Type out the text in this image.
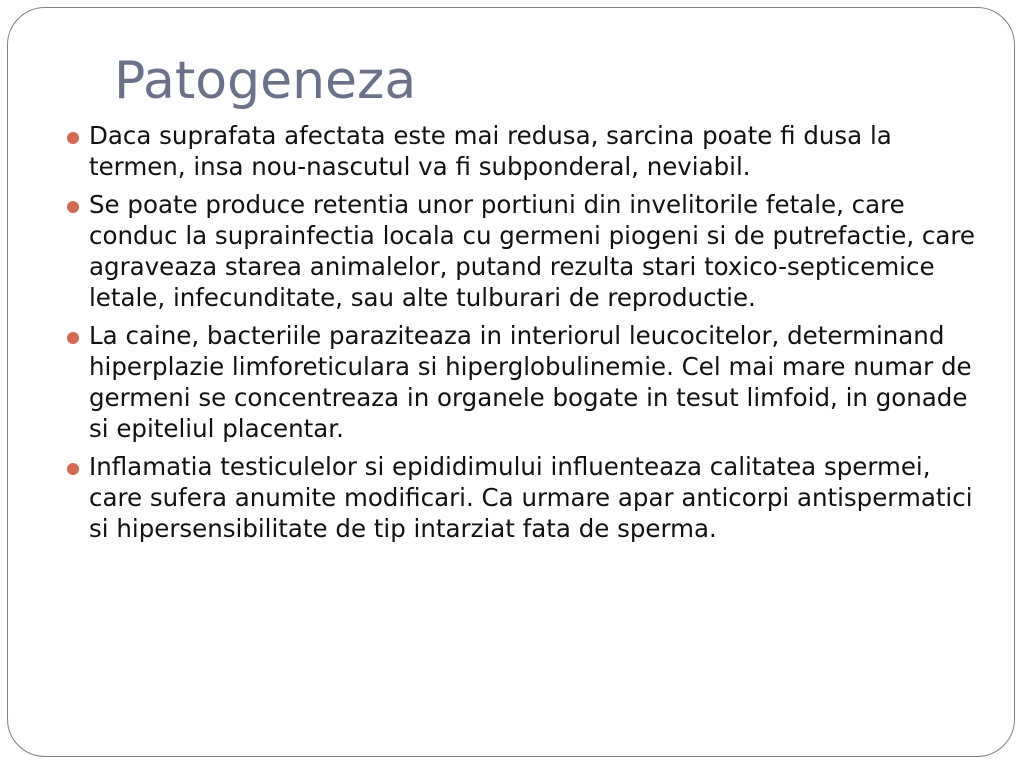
Patogeneza
Daca suprafata afectata este mai redusa, sarcina poate fi dusa la termen, insa nou-nascutul va fi subponderal, neviabil.
Se poate produce retentia unor portiuni din invelitorile fetale, care conduc la suprainfectia locala cu germeni piogeni si de putrefactie, care agraveaza starea animalelor, putand rezulta stari toxico-septicemice letale, infecunditate, sau alte tulburari de reproductie.
La caine, bacteriile paraziteaza in interiorul leucocitelor, determinand hiperplazie limforeticulara si hiperglobulinemie. Cel mai mare numar de germeni se concentreaza in organele bogate in tesut limfoid, in gonade si epiteliul placentar.
Inflamatia testiculelor si epididimului influenteaza calitatea spermei, care sufera anumite modificari. Ca urmare apar anticorpi antispermatici si hipersensibilitate de tip intarziat fata de sperma.
